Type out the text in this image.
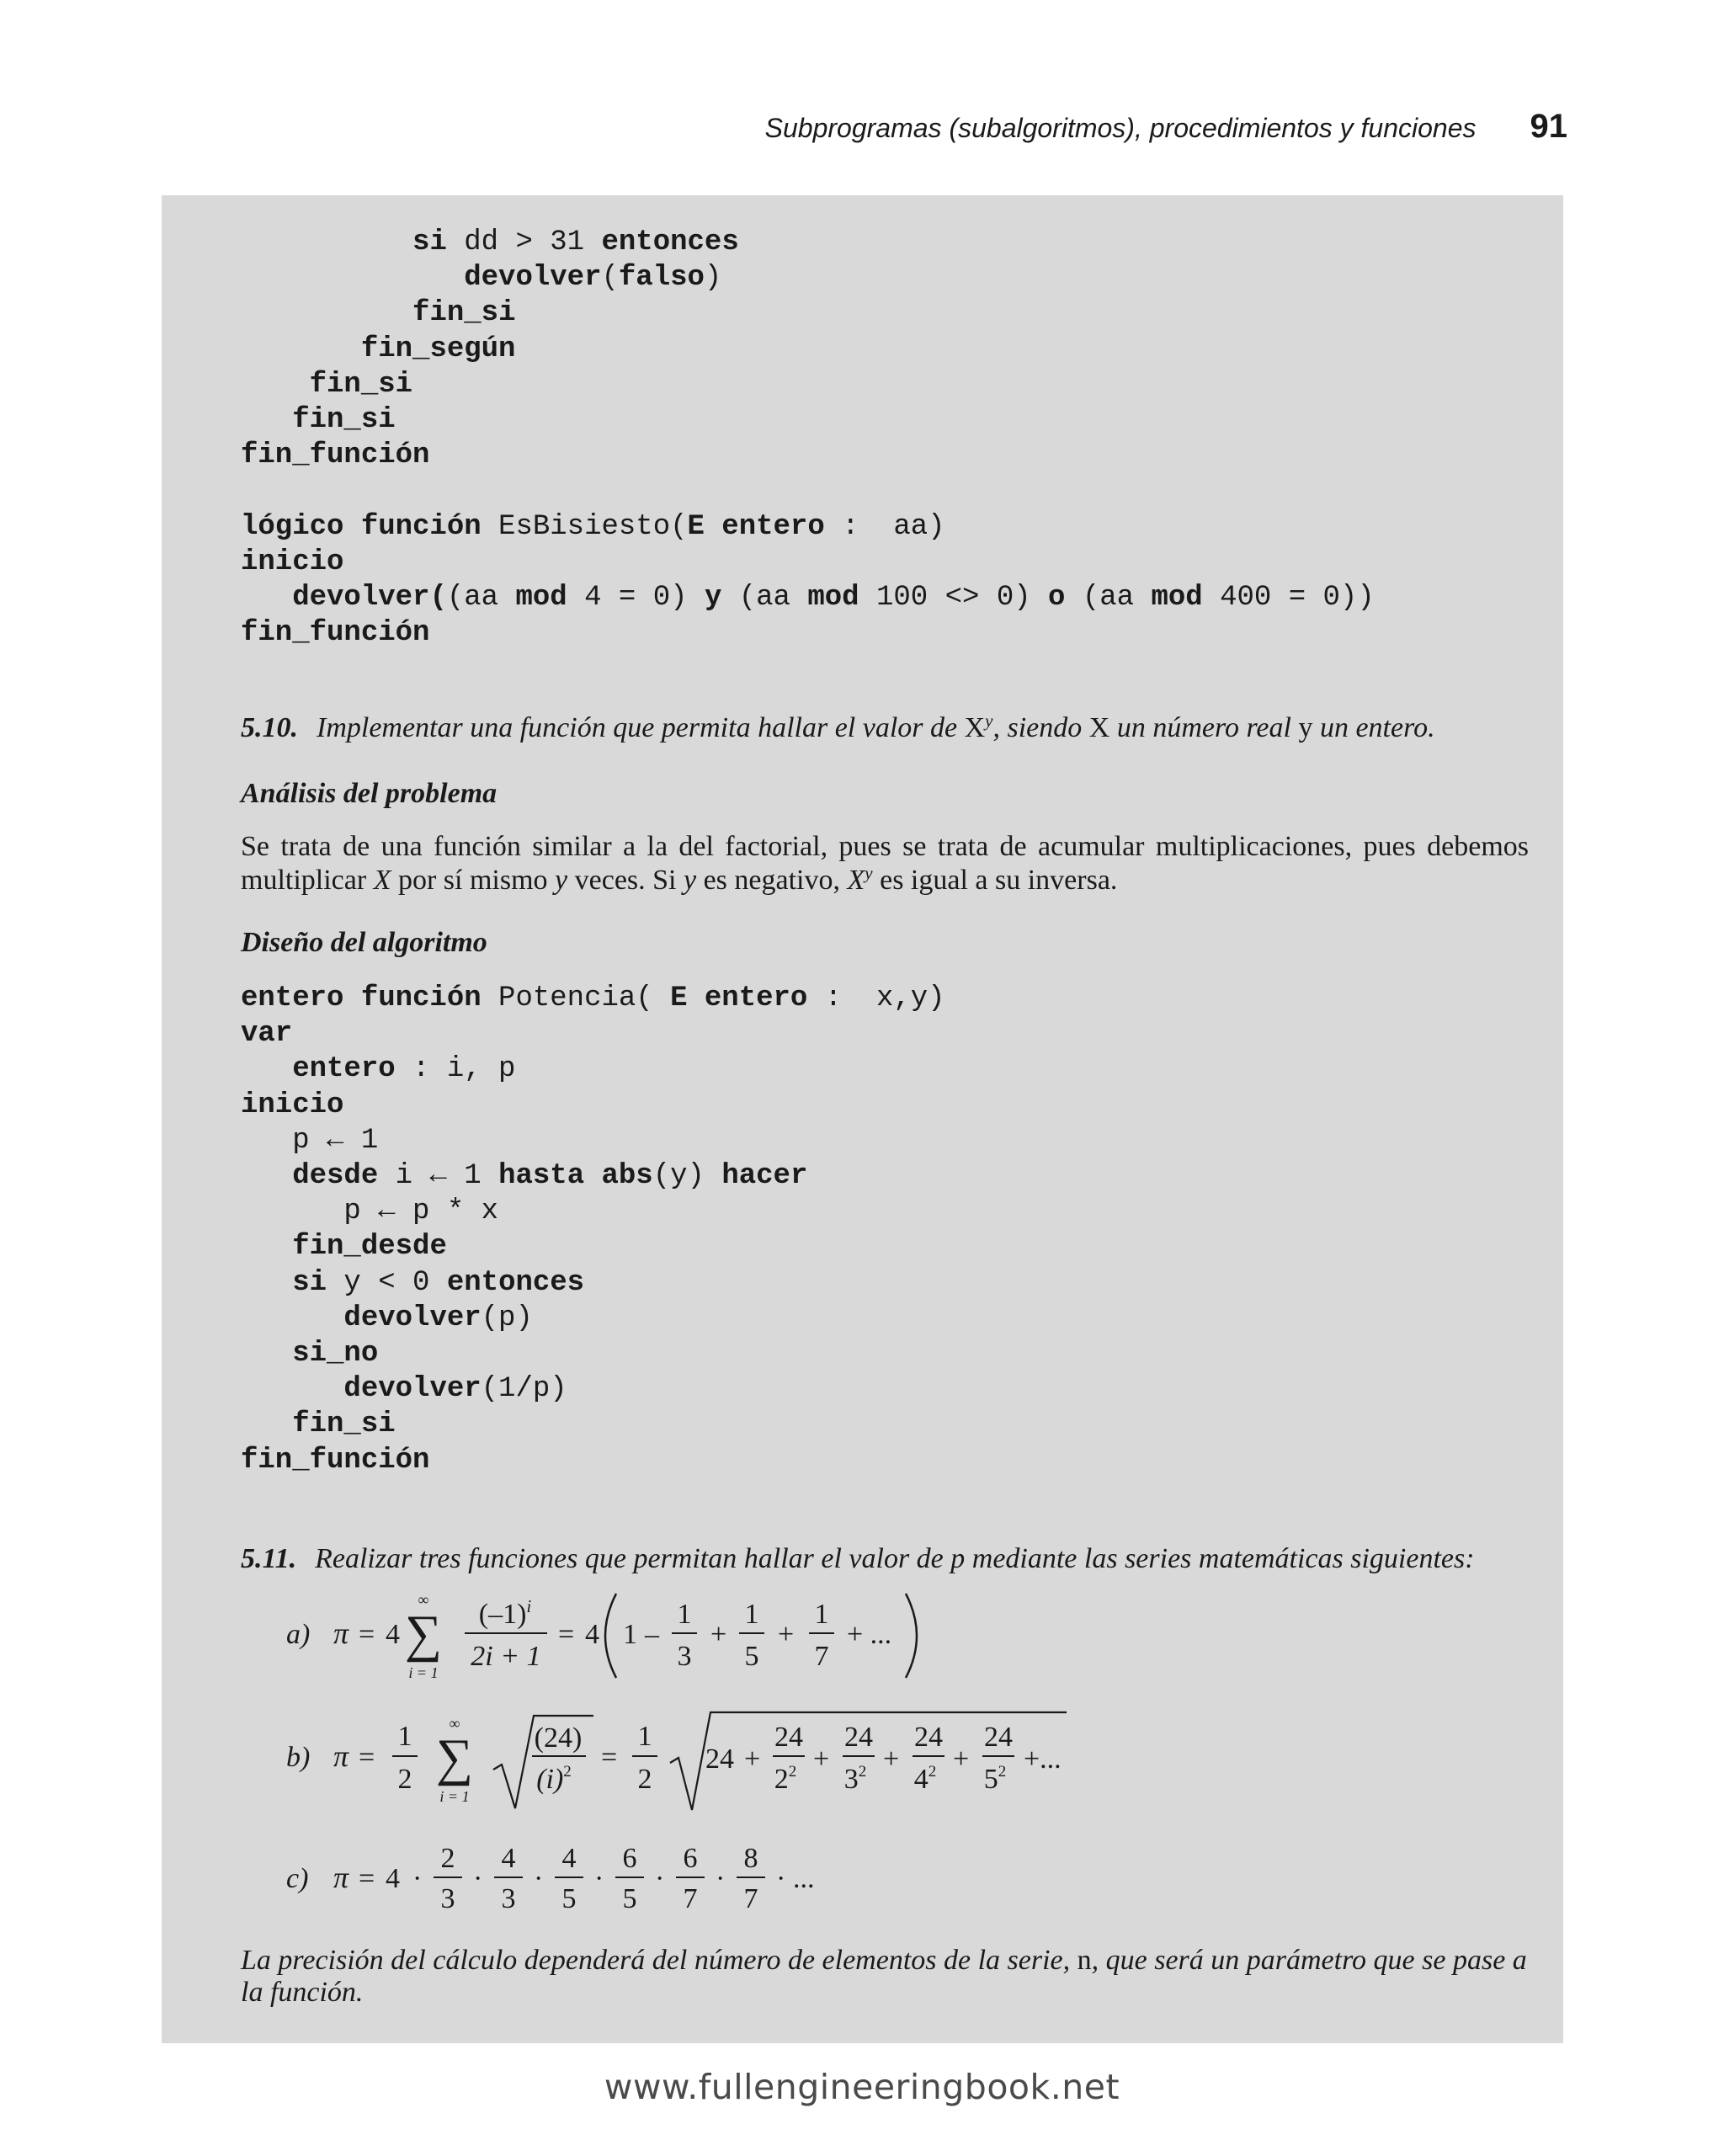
Subprogramas (subalgoritmos), procedimientos y funciones 91
si dd > 31 entonces
devolver(falso)
fin_si
fin_según
fin_si
fin_si
fin_función

lógico función EsBisiesto(E entero :  aa)
inicio
devolver((aa mod 4 = 0) y (aa mod 100 <> 0) o (aa mod 400 = 0))
fin_función
5.10. Implementar una función que permita hallar el valor de $X^y$, siendo X un número real y un entero.
Análisis del problema
Se trata de una función similar a la del factorial, pues se trata de acumular multiplicaciones, pues debemos multiplicar X por sí mismo y veces. Si y es negativo, $X^y$ es igual a su inversa.
Diseño del algoritmo
entero función Potencia( E entero :  x,y)
var
entero : i, p
inicio
p ← 1
desde i ← 1 hasta abs(y) hacer
p ← p * x
fin_desde
si y < 0 entonces
devolver(p)
si_no
devolver(1/p)
fin_si
fin_función
5.11. Realizar tres funciones que permitan hallar el valor de p mediante las series matemáticas siguientes:
a) π = 4
∞
∑
i = 1
$(-1)^i$
2i + 1
= 4 1 –
1
3
+
1
5
+
1
7
+ ...
b) π =
1
2
∞
∑
i = 1
(24)
$(i)^2$ =
1
2
24 +
24
$2^2$ +
24
$3^2$ +
24
$4^2$ +
24
$5^2$ +...
c) π = 4 ·
2
3
·
4
3
·
4
5
·
6
5
·
6
7
·
8
7
· ...
La precisión del cálculo dependerá del número de elementos de la serie, n, que será un parámetro que se pase a la función.
www.fullengineeringbook.net
